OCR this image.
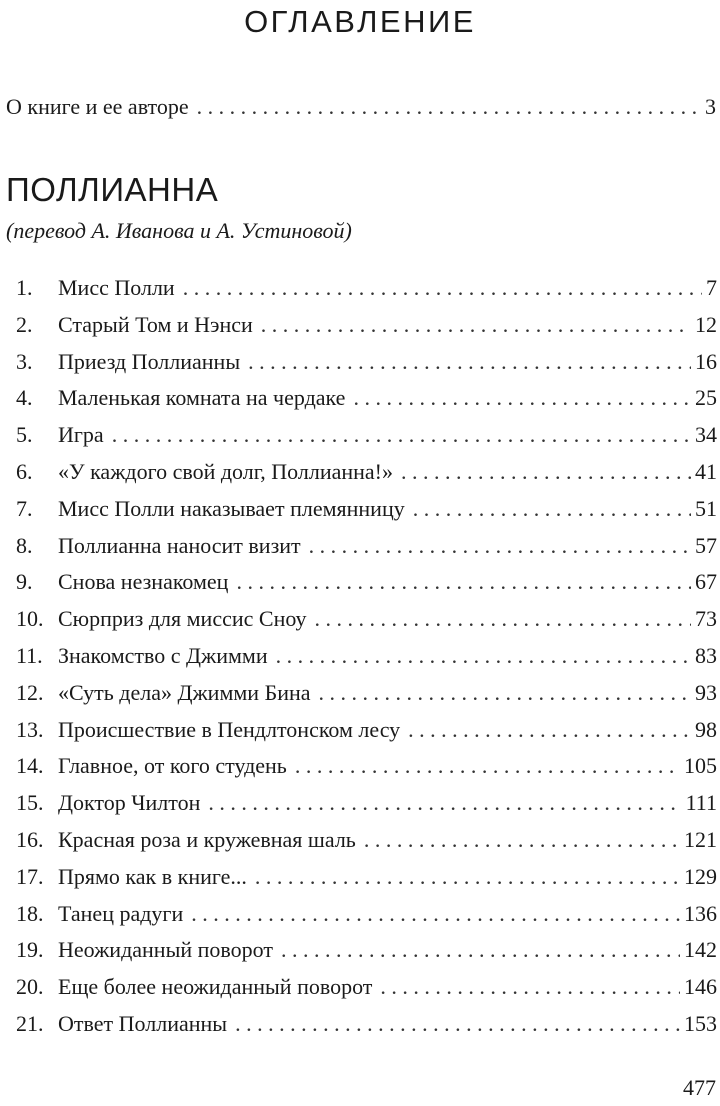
ОГЛАВЛЕНИЕ
О книге и ее авторе . . .	3
ПОЛЛИАННА
(перевод А. Иванова и А. Устиновой)
1.	Мисс Полли . . .	7
2.	Старый Том и Нэнси . . .	12
3.	Приезд Поллианны . . .	16
4.	Маленькая комната на чердаке . . .	25
5.	Игра . . .	34
6.	«У каждого свой долг, Поллианна!» . . .	41
7.	Мисс Полли наказывает племянницу . . .	51
8.	Поллианна наносит визит . . .	57
9.	Снова незнакомец . . .	67
10. Сюрприз для миссис Сноу . . .	73
11. Знакомство с Джимми . . .	83
12. «Суть дела» Джимми Бина . . .	93
13. Происшествие в Пендлтонском лесу . . .	98
14. Главное, от кого студень . . .	105
15. Доктор Чилтон . . .	111
16. Красная роза и кружевная шаль . . .	121
17. Прямо как в книге... . . .	129
18. Танец радуги . . .	136
19. Неожиданный поворот . . .	142
20. Еще более неожиданный поворот . . .	146
21. Ответ Поллианны . . .	153
477
